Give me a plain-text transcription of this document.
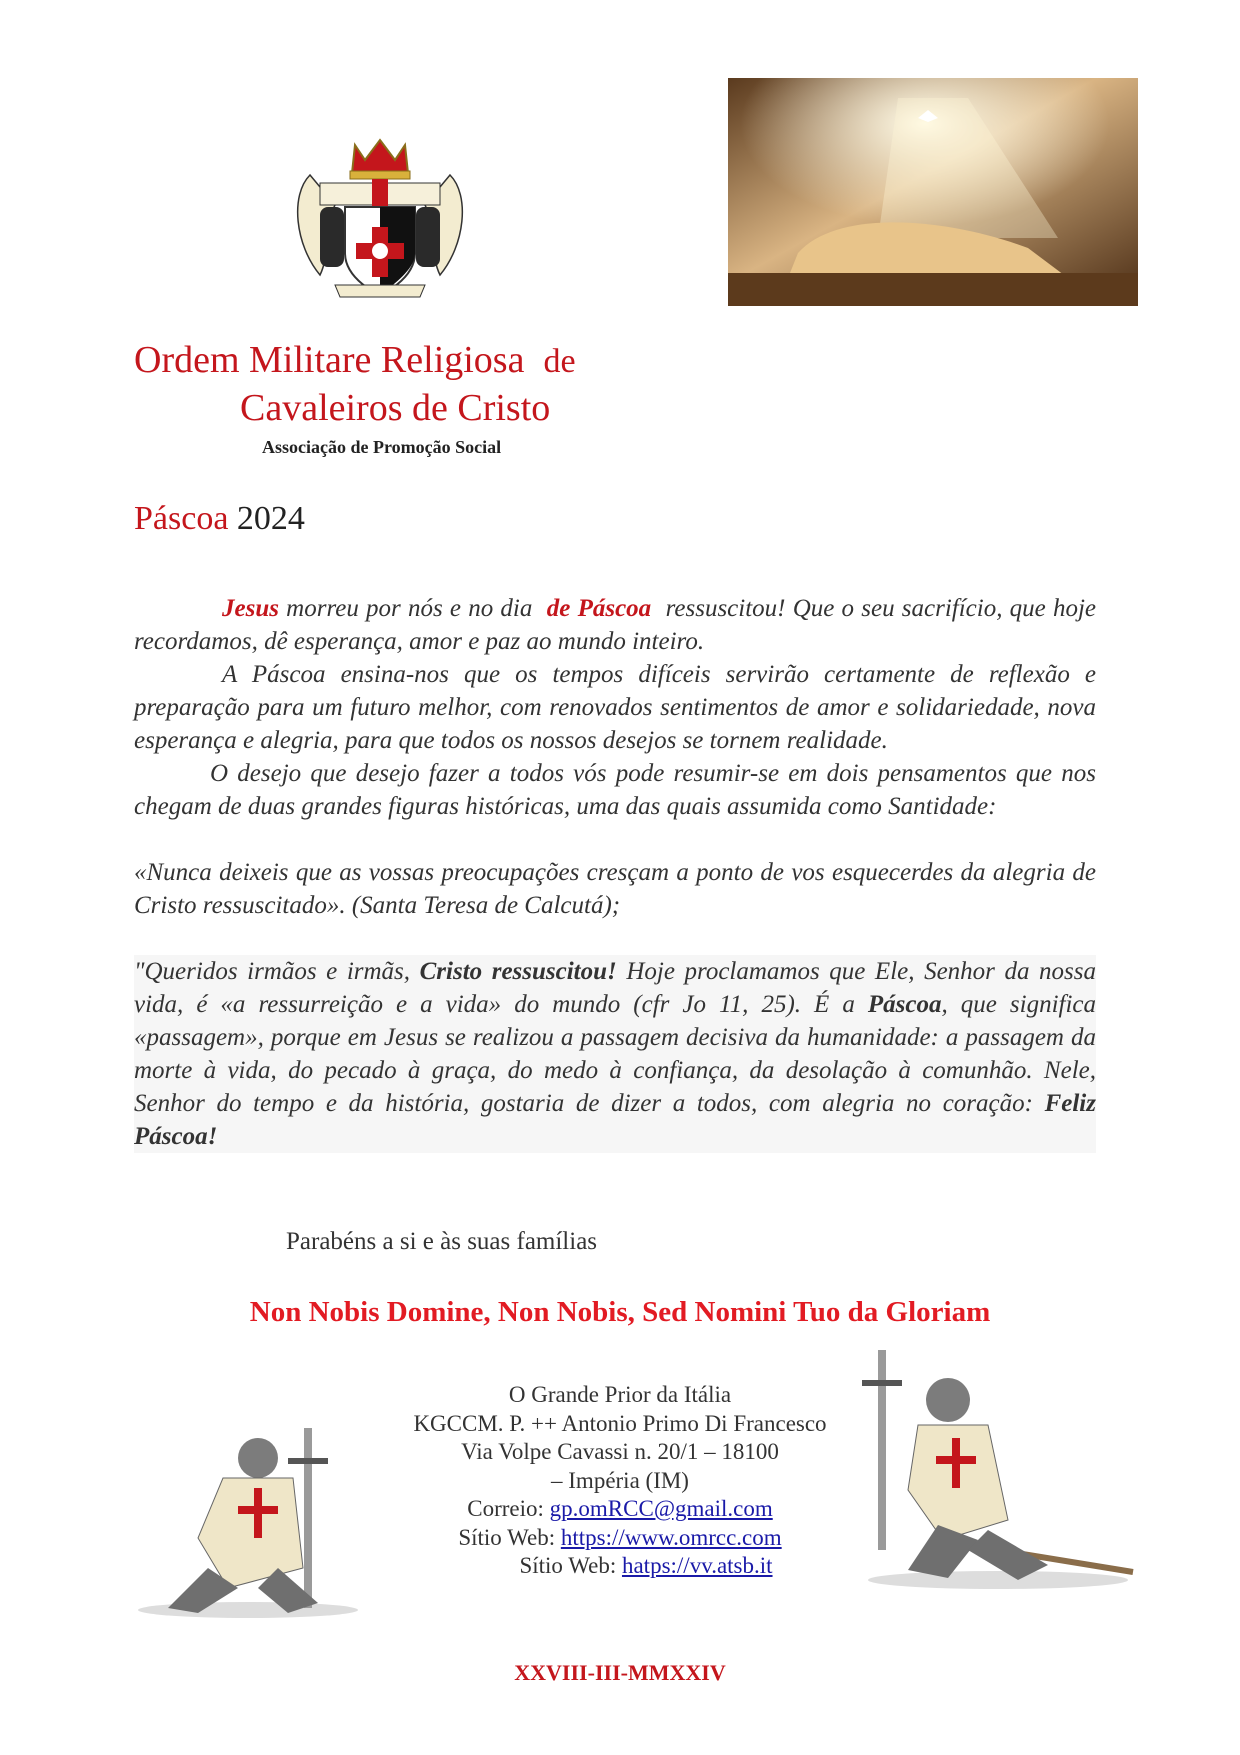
Ordem Militare Religiosa de
Cavaleiros de Cristo
Associação de Promoção Social
Páscoa 2024

Jesus morreu por nós e no dia de Páscoa ressuscitou! Que o seu sacrifício, que hoje recordamos, dê esperança, amor e paz ao mundo inteiro.

A Páscoa ensina-nos que os tempos difíceis servirão certamente de reflexão e preparação para um futuro melhor, com renovados sentimentos de amor e solidariedade, nova esperança e alegria, para que todos os nossos desejos se tornem realidade.

O desejo que desejo fazer a todos vós pode resumir-se em dois pensamentos que nos chegam de duas grandes figuras históricas, uma das quais assumida como Santidade:

«Nunca deixeis que as vossas preocupações cresçam a ponto de vos esquecerdes da alegria de Cristo ressuscitado». (Santa Teresa de Calcutá);

"Queridos irmãos e irmãs, Cristo ressuscitou! Hoje proclamamos que Ele, Senhor da nossa vida, é «a ressurreição e a vida» do mundo (cfr Jo 11, 25). É a Páscoa, que significa «passagem», porque em Jesus se realizou a passagem decisiva da humanidade: a passagem da morte à vida, do pecado à graça, do medo à confiança, da desolação à comunhão. Nele, Senhor do tempo e da história, gostaria de dizer a todos, com alegria no coração: Feliz Páscoa!

Parabéns a si e às suas famílias
Non Nobis Domine, Non Nobis, Sed Nomini Tuo da Gloriam
O Grande Prior da Itália
KGCCM. P. ++ Antonio Primo Di Francesco
Via Volpe Cavassi n. 20/1 – 18100
– Impéria (IM)
Correio: gp.omRCC@gmail.com
Sítio Web: https://www.omrcc.com
Sítio Web: hatps://vv.atsb.it
XXVIII-III-MMXXIV
